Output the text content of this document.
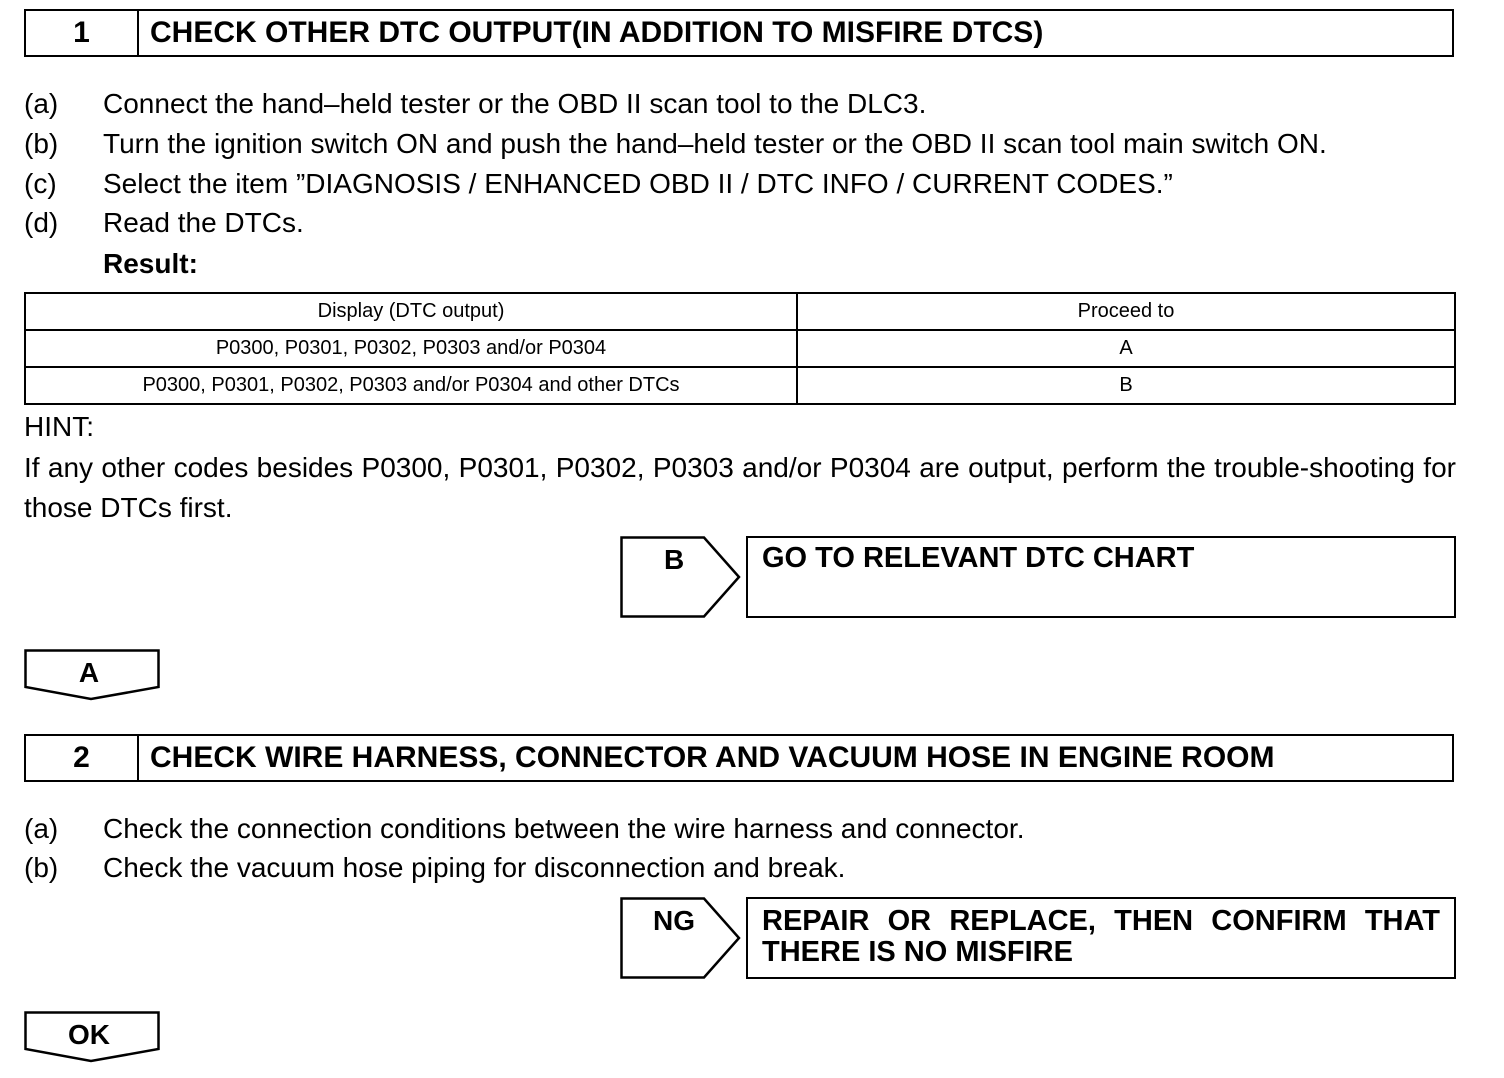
1	CHECK OTHER DTC OUTPUT(IN ADDITION TO MISFIRE DTCS)
(a) Connect the hand–held tester or the OBD II scan tool to the DLC3.
(b) Turn the ignition switch ON and push the hand–held tester or the OBD II scan tool main switch ON.
(c) Select the item ”DIAGNOSIS / ENHANCED OBD II / DTC INFO / CURRENT CODES.”
(d) Read the DTCs.
Result:
Display (DTC output)	Proceed to
P0300, P0301, P0302, P0303 and/or P0304	A
P0300, P0301, P0302, P0303 and/or P0304 and other DTCs	B
HINT:
If any other codes besides P0300, P0301, P0302, P0303 and/or P0304 are output, perform the trouble-shooting for those DTCs first.
B	GO TO RELEVANT DTC CHART
A
2	CHECK WIRE HARNESS, CONNECTOR AND VACUUM HOSE IN ENGINE ROOM
(a) Check the connection conditions between the wire harness and connector.
(b) Check the vacuum hose piping for disconnection and break.
NG REPAIR OR REPLACE, THEN CONFIRM THAT
THERE IS NO MISFIRE
OK
